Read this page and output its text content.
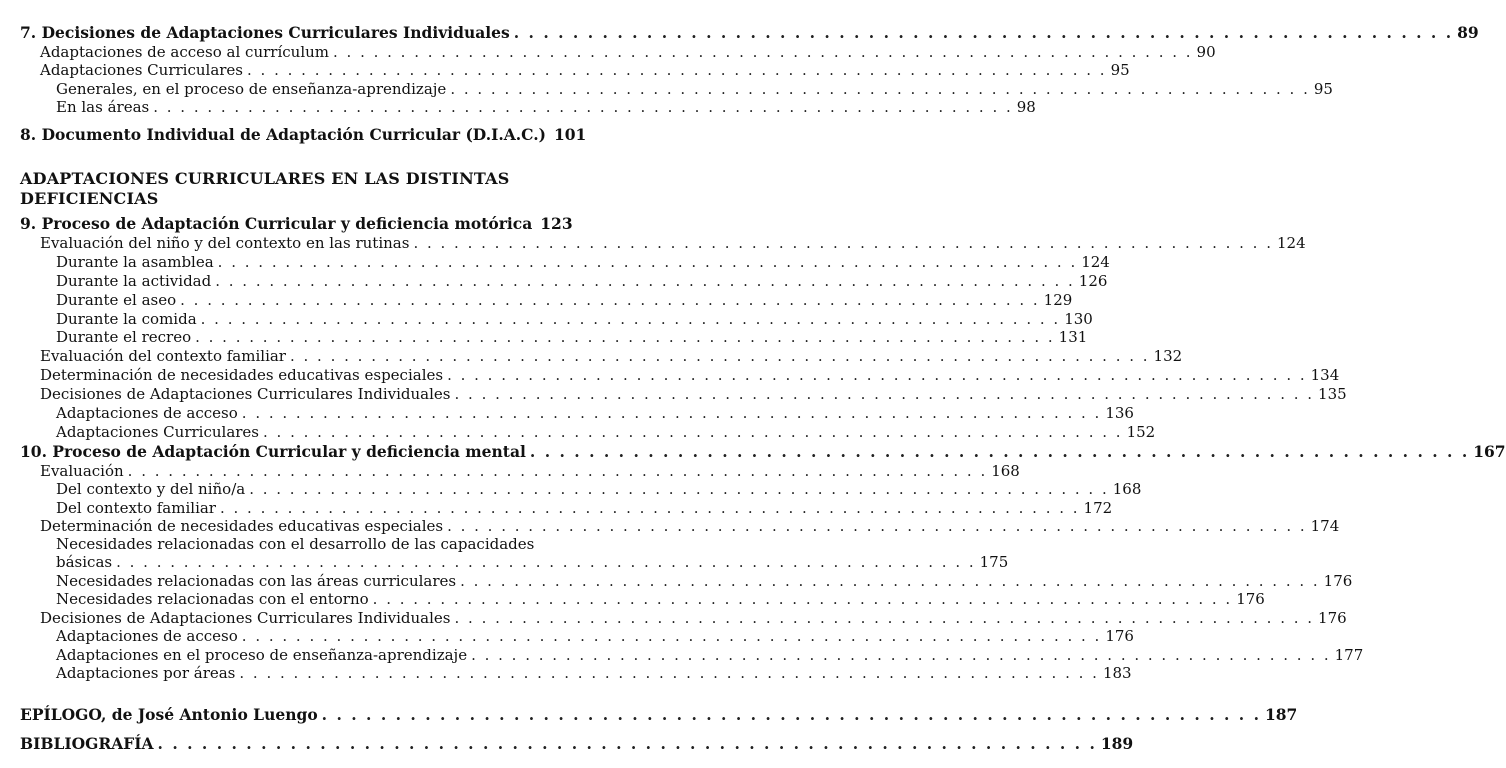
7. Decisiones de Adaptaciones Curriculares Individuales . . . . . . . . . . . . . . . . . . . . . . . . . . . . . . . . . . . . . . . . . . . . . . . . . . . . . . . . . . . . . . . . 89
Adaptaciones de acceso al currículum . . . . . . . . . . . . . . . . . . . . . . . . . . . . . . . . . . . . . . . . . . . . . . . . . . . . . . . . . . . . . . . . 90
Adaptaciones Curriculares . . . . . . . . . . . . . . . . . . . . . . . . . . . . . . . . . . . . . . . . . . . . . . . . . . . . . . . . . . . . . . . . 95
Generales, en el proceso de enseñanza-aprendizaje . . . . . . . . . . . . . . . . . . . . . . . . . . . . . . . . . . . . . . . . . . . . . . . . . . . . . . . . . . . . . . . . 95
En las áreas . . . . . . . . . . . . . . . . . . . . . . . . . . . . . . . . . . . . . . . . . . . . . . . . . . . . . . . . . . . . . . . . 98
8. Documento Individual de Adaptación Curricular (D.I.A.C.) 101
ADAPTACIONES CURRICULARES EN LAS DISTINTAS
DEFICIENCIAS
9. Proceso de Adaptación Curricular y deficiencia motórica 123
Evaluación del niño y del contexto en las rutinas . . . . . . . . . . . . . . . . . . . . . . . . . . . . . . . . . . . . . . . . . . . . . . . . . . . . . . . . . . . . . . . . 124
Durante la asamblea . . . . . . . . . . . . . . . . . . . . . . . . . . . . . . . . . . . . . . . . . . . . . . . . . . . . . . . . . . . . . . . . 124
Durante la actividad . . . . . . . . . . . . . . . . . . . . . . . . . . . . . . . . . . . . . . . . . . . . . . . . . . . . . . . . . . . . . . . . 126
Durante el aseo . . . . . . . . . . . . . . . . . . . . . . . . . . . . . . . . . . . . . . . . . . . . . . . . . . . . . . . . . . . . . . . . 129
Durante la comida . . . . . . . . . . . . . . . . . . . . . . . . . . . . . . . . . . . . . . . . . . . . . . . . . . . . . . . . . . . . . . . . 130
Durante el recreo . . . . . . . . . . . . . . . . . . . . . . . . . . . . . . . . . . . . . . . . . . . . . . . . . . . . . . . . . . . . . . . . 131
Evaluación del contexto familiar . . . . . . . . . . . . . . . . . . . . . . . . . . . . . . . . . . . . . . . . . . . . . . . . . . . . . . . . . . . . . . . . 132
Determinación de necesidades educativas especiales . . . . . . . . . . . . . . . . . . . . . . . . . . . . . . . . . . . . . . . . . . . . . . . . . . . . . . . . . . . . . . . . 134
Decisiones de Adaptaciones Curriculares Individuales . . . . . . . . . . . . . . . . . . . . . . . . . . . . . . . . . . . . . . . . . . . . . . . . . . . . . . . . . . . . . . . . 135
Adaptaciones de acceso . . . . . . . . . . . . . . . . . . . . . . . . . . . . . . . . . . . . . . . . . . . . . . . . . . . . . . . . . . . . . . . . 136
Adaptaciones Curriculares . . . . . . . . . . . . . . . . . . . . . . . . . . . . . . . . . . . . . . . . . . . . . . . . . . . . . . . . . . . . . . . . 152
10. Proceso de Adaptación Curricular y deficiencia mental . . . . . . . . . . . . . . . . . . . . . . . . . . . . . . . . . . . . . . . . . . . . . . . . . . . . . . . . . . . . . . . . 167
Evaluación . . . . . . . . . . . . . . . . . . . . . . . . . . . . . . . . . . . . . . . . . . . . . . . . . . . . . . . . . . . . . . . . 168
Del contexto y del niño/a . . . . . . . . . . . . . . . . . . . . . . . . . . . . . . . . . . . . . . . . . . . . . . . . . . . . . . . . . . . . . . . . 168
Del contexto familiar . . . . . . . . . . . . . . . . . . . . . . . . . . . . . . . . . . . . . . . . . . . . . . . . . . . . . . . . . . . . . . . . 172
Determinación de necesidades educativas especiales . . . . . . . . . . . . . . . . . . . . . . . . . . . . . . . . . . . . . . . . . . . . . . . . . . . . . . . . . . . . . . . . 174
Necesidades relacionadas con el desarrollo de las capacidades
básicas . . . . . . . . . . . . . . . . . . . . . . . . . . . . . . . . . . . . . . . . . . . . . . . . . . . . . . . . . . . . . . . . 175
Necesidades relacionadas con las áreas curriculares . . . . . . . . . . . . . . . . . . . . . . . . . . . . . . . . . . . . . . . . . . . . . . . . . . . . . . . . . . . . . . . . 176
Necesidades relacionadas con el entorno . . . . . . . . . . . . . . . . . . . . . . . . . . . . . . . . . . . . . . . . . . . . . . . . . . . . . . . . . . . . . . . . 176
Decisiones de Adaptaciones Curriculares Individuales . . . . . . . . . . . . . . . . . . . . . . . . . . . . . . . . . . . . . . . . . . . . . . . . . . . . . . . . . . . . . . . . 176
Adaptaciones de acceso . . . . . . . . . . . . . . . . . . . . . . . . . . . . . . . . . . . . . . . . . . . . . . . . . . . . . . . . . . . . . . . . 176
Adaptaciones en el proceso de enseñanza-aprendizaje . . . . . . . . . . . . . . . . . . . . . . . . . . . . . . . . . . . . . . . . . . . . . . . . . . . . . . . . . . . . . . . . 177
Adaptaciones por áreas . . . . . . . . . . . . . . . . . . . . . . . . . . . . . . . . . . . . . . . . . . . . . . . . . . . . . . . . . . . . . . . . 183
EPÍLOGO, de José Antonio Luengo . . . . . . . . . . . . . . . . . . . . . . . . . . . . . . . . . . . . . . . . . . . . . . . . . . . . . . . . . . . . . . . . 187
BIBLIOGRAFÍA . . . . . . . . . . . . . . . . . . . . . . . . . . . . . . . . . . . . . . . . . . . . . . . . . . . . . . . . . . . . . . . . 189
